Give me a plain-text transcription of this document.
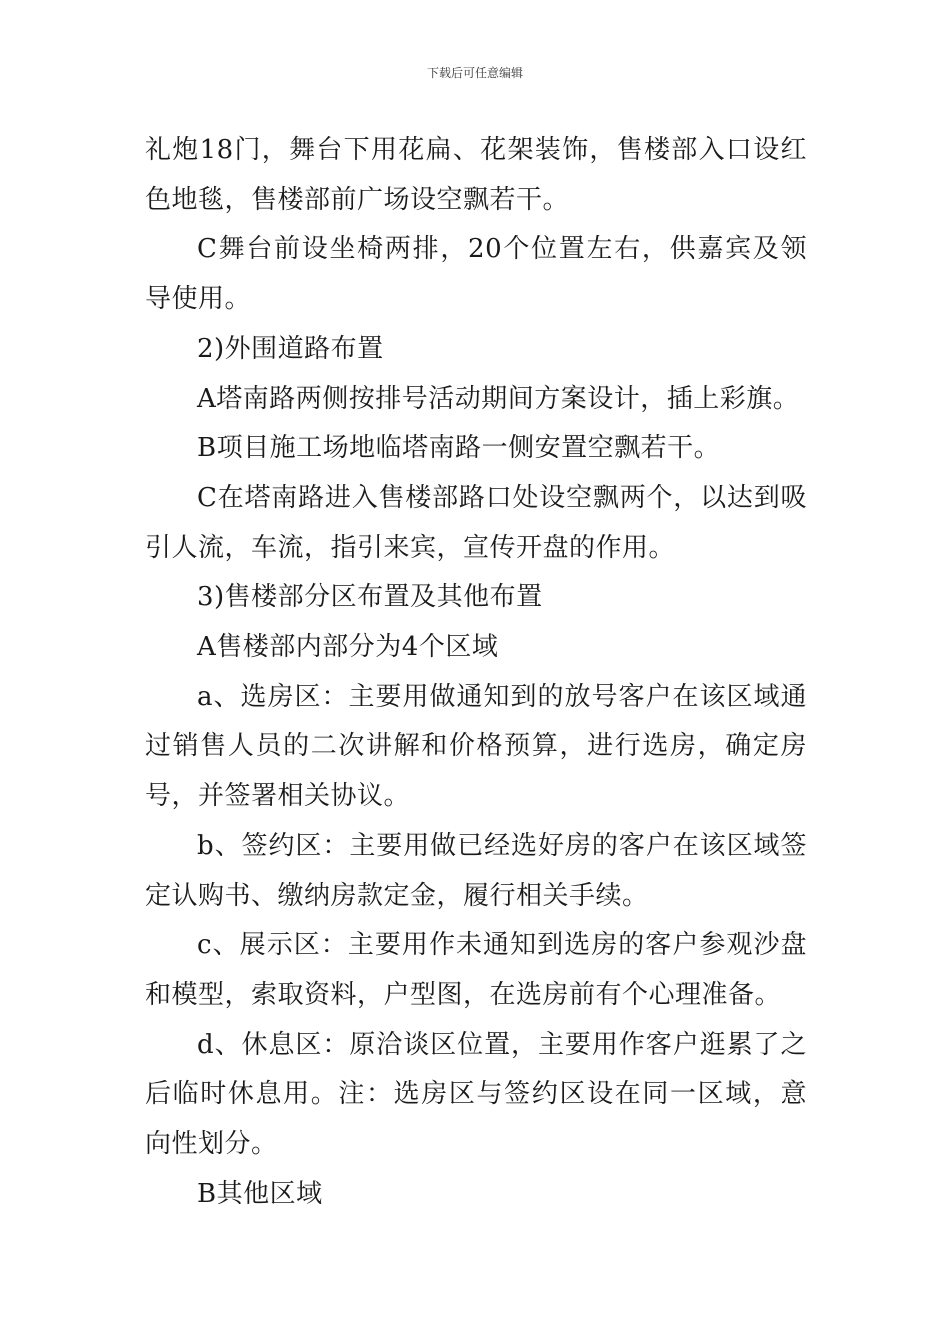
下载后可任意编辑

礼炮18门，舞台下用花扁、花架装饰，售楼部入口设红色地毯，售楼部前广场设空飘若干。

C舞台前设坐椅两排，20个位置左右，供嘉宾及领导使用。

2)外围道路布置

A塔南路两侧按排号活动期间方案设计，插上彩旗。

B项目施工场地临塔南路一侧安置空飘若干。

C在塔南路进入售楼部路口处设空飘两个，以达到吸引人流，车流，指引来宾，宣传开盘的作用。

3)售楼部分区布置及其他布置

A售楼部内部分为4个区域

a、选房区：主要用做通知到的放号客户在该区域通过销售人员的二次讲解和价格预算，进行选房，确定房号，并签署相关协议。

b、签约区：主要用做已经选好房的客户在该区域签定认购书、缴纳房款定金，履行相关手续。

c、展示区：主要用作未通知到选房的客户参观沙盘和模型，索取资料，户型图，在选房前有个心理准备。

d、休息区：原洽谈区位置，主要用作客户逛累了之后临时休息用。注：选房区与签约区设在同一区域，意向性划分。

B其他区域
